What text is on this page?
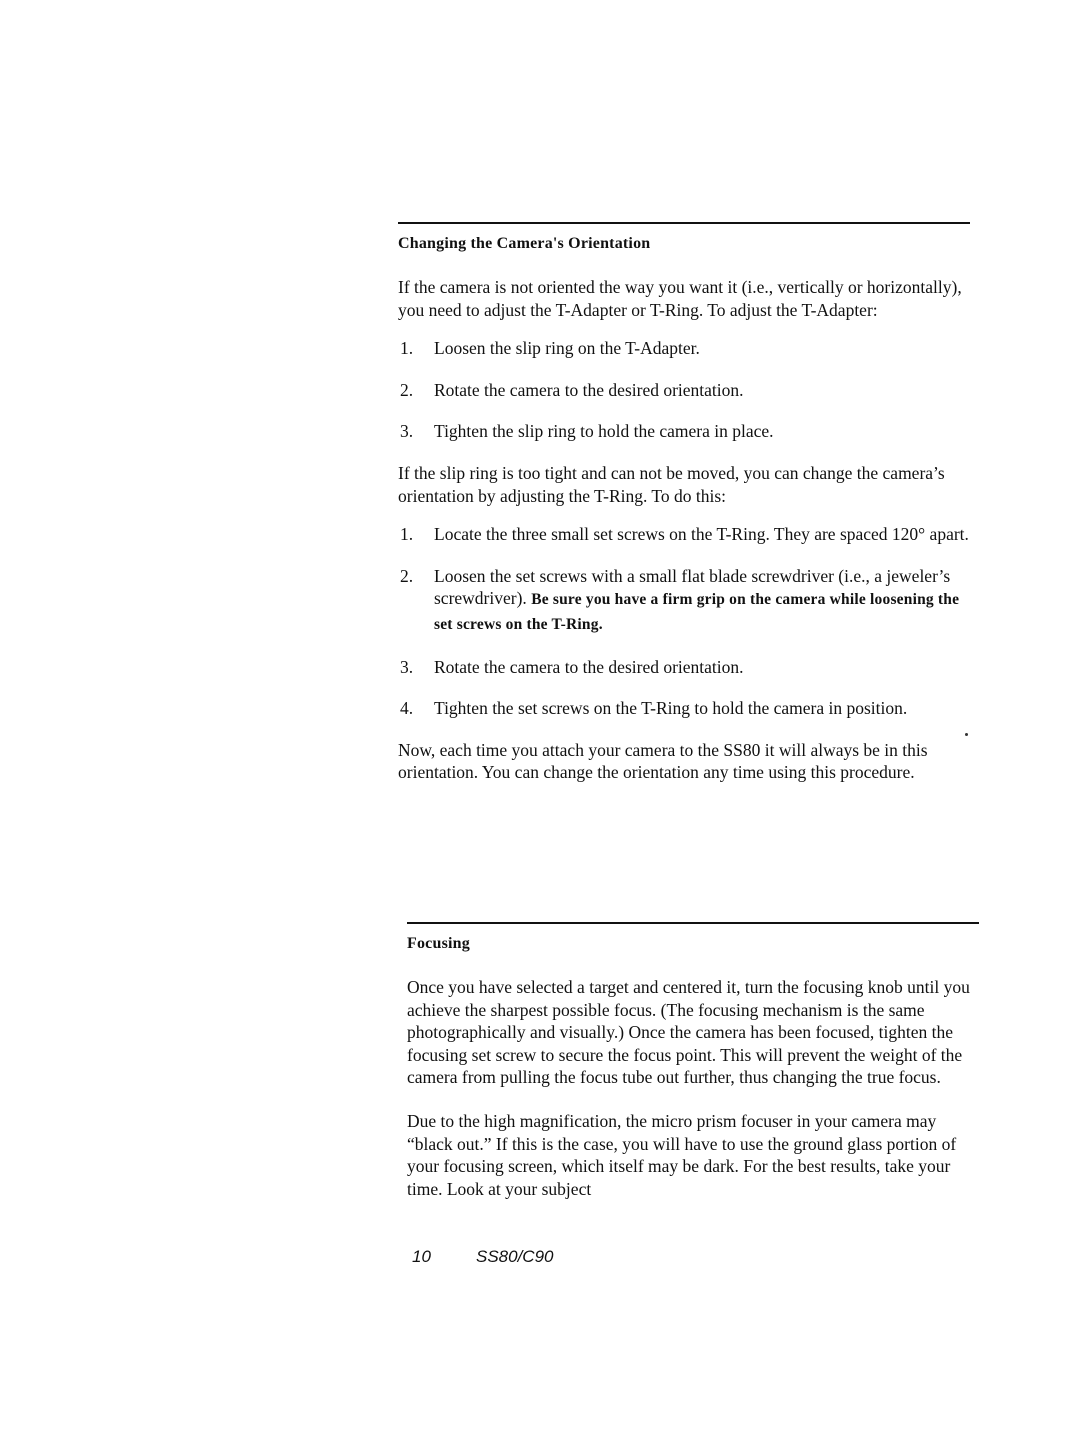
Changing the Camera's Orientation

If the camera is not oriented the way you want it (i.e., vertically or horizontally), you need to adjust the T-Adapter or T-Ring. To adjust the T-Adapter:

1. Loosen the slip ring on the T-Adapter.
2. Rotate the camera to the desired orientation.
3. Tighten the slip ring to hold the camera in place.

If the slip ring is too tight and can not be moved, you can change the camera’s orientation by adjusting the T-Ring. To do this:

1. Locate the three small set screws on the T-Ring. They are spaced 120° apart.
2. Loosen the set screws with a small flat blade screwdriver (i.e., a jeweler’s screwdriver). Be sure you have a firm grip on the camera while loosening the set screws on the T-Ring.
3. Rotate the camera to the desired orientation.
4. Tighten the set screws on the T-Ring to hold the camera in position.

Now, each time you attach your camera to the SS80 it will always be in this orientation. You can change the orientation any time using this procedure.

Focusing

Once you have selected a target and centered it, turn the focusing knob until you achieve the sharpest possible focus. (The focusing mechanism is the same photographically and visually.) Once the camera has been focused, tighten the focusing set screw to secure the focus point. This will prevent the weight of the camera from pulling the focus tube out further, thus changing the true focus.

Due to the high magnification, the micro prism focuser in your camera may “black out.” If this is the case, you will have to use the ground glass portion of your focusing screen, which itself may be dark. For the best results, take your time. Look at your subject

10	SS80/C90
